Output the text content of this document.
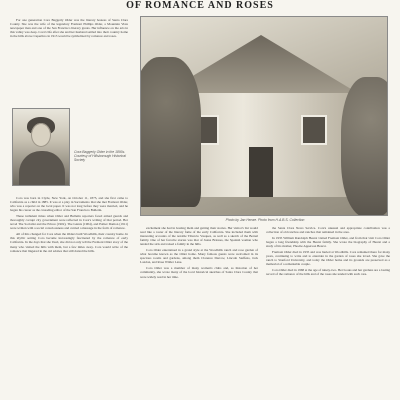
OF ROMANCE AND ROSES

For one generation Cora Baggerly Older was the literary hostess of Santa Clara County. She was the wife of the legendary Fremont Phillips Older, a Mountain Vista newspaper man and one of the San Francisco literary greats. Her influence on the arts in this valley was deep. Cora's life after she and her husband settled into their country home in the hills above Cupertino in 1913 would be symbolized by romance and roses.

Cora Baggerly Older in the 1890s. Courtesy of Hillsborough Historical Society

Cora was born in Clyde, New York, on October 11, 1875, and she first came to California as a child in 1885. It was at a play in Sacramento that she met Fremont Older, who was a reporter on the local paper. It was not long before they were married, and he began his career as the crusading editor of the San Francisco Bulletin.

These turbulent times when Older and Bulletin reporters faced armed guards and thoroughly corrupt city government were reflected in Cora's writing of that period. Her novel The Socialist and the Prince (1902), The Giants (1904), and Esther Damon (1911) were written with a social consciousness and carried a message in the form of romance.

All of this changed for Cora when the Olders built Woodhills, their country home. In this idyllic setting Cora became increasingly fascinated by the romance of early California. In the days that she lived, she did not only tell the Fremont Older story of the many who visited the hills with them, but a few miles away. Cora would write of the romance that lingered in the old adobes that still dotted the hills.

Photo by Jan Henze. Photo from H.A.B.S. Collection

excitement she had in hosting them and getting their stories. Her visitor's list would read like a roster of the literary fame of the early California. She included them with interesting accounts of the notable Tiburcio Vasquez, as well as a sketch of the Bernal family. One of her favorite stories was that of Juana Briones, the Spanish woman who tended the sick and raised a family in the hills.

Cora Older entertained in a grand style at the Woodhills ranch and rose garden of what became known as the Older home. Many famous guests were welcomed in its spacious rooms and gardens, among them Clarence Darrow, Lincoln Steffens, Jack London, and Rose Wilder Lane.

Cora Older was a member of many women's clubs and, as historian of her community, she wrote many of the local historical sketches of Santa Clara County that were widely read in her time.

the Santa Clara News Service. Cora's unusual and appropriate contribution was a collection of old ranchos and ranchos that remained in the area.

In 1935 William Randolph Hearst visited Fremont Older, and from that visit Cora Older began a long friendship with the Hearst family. She wrote the biography of Hearst and a study of his mother, Phoebe Apperson Hearst.

Fremont Older died in 1935 and was buried at Woodhills. Cora remained there for many years, continuing to write and to entertain in the garden of roses she loved. She gave the ranch to Stanford University, and today the Older home and its grounds are preserved as a memorial of a remarkable couple.

Cora Older died in 1968 at the age of ninety-two. Her books and her gardens are a lasting record of the romance of the hills and of the roses she tended with such care.
